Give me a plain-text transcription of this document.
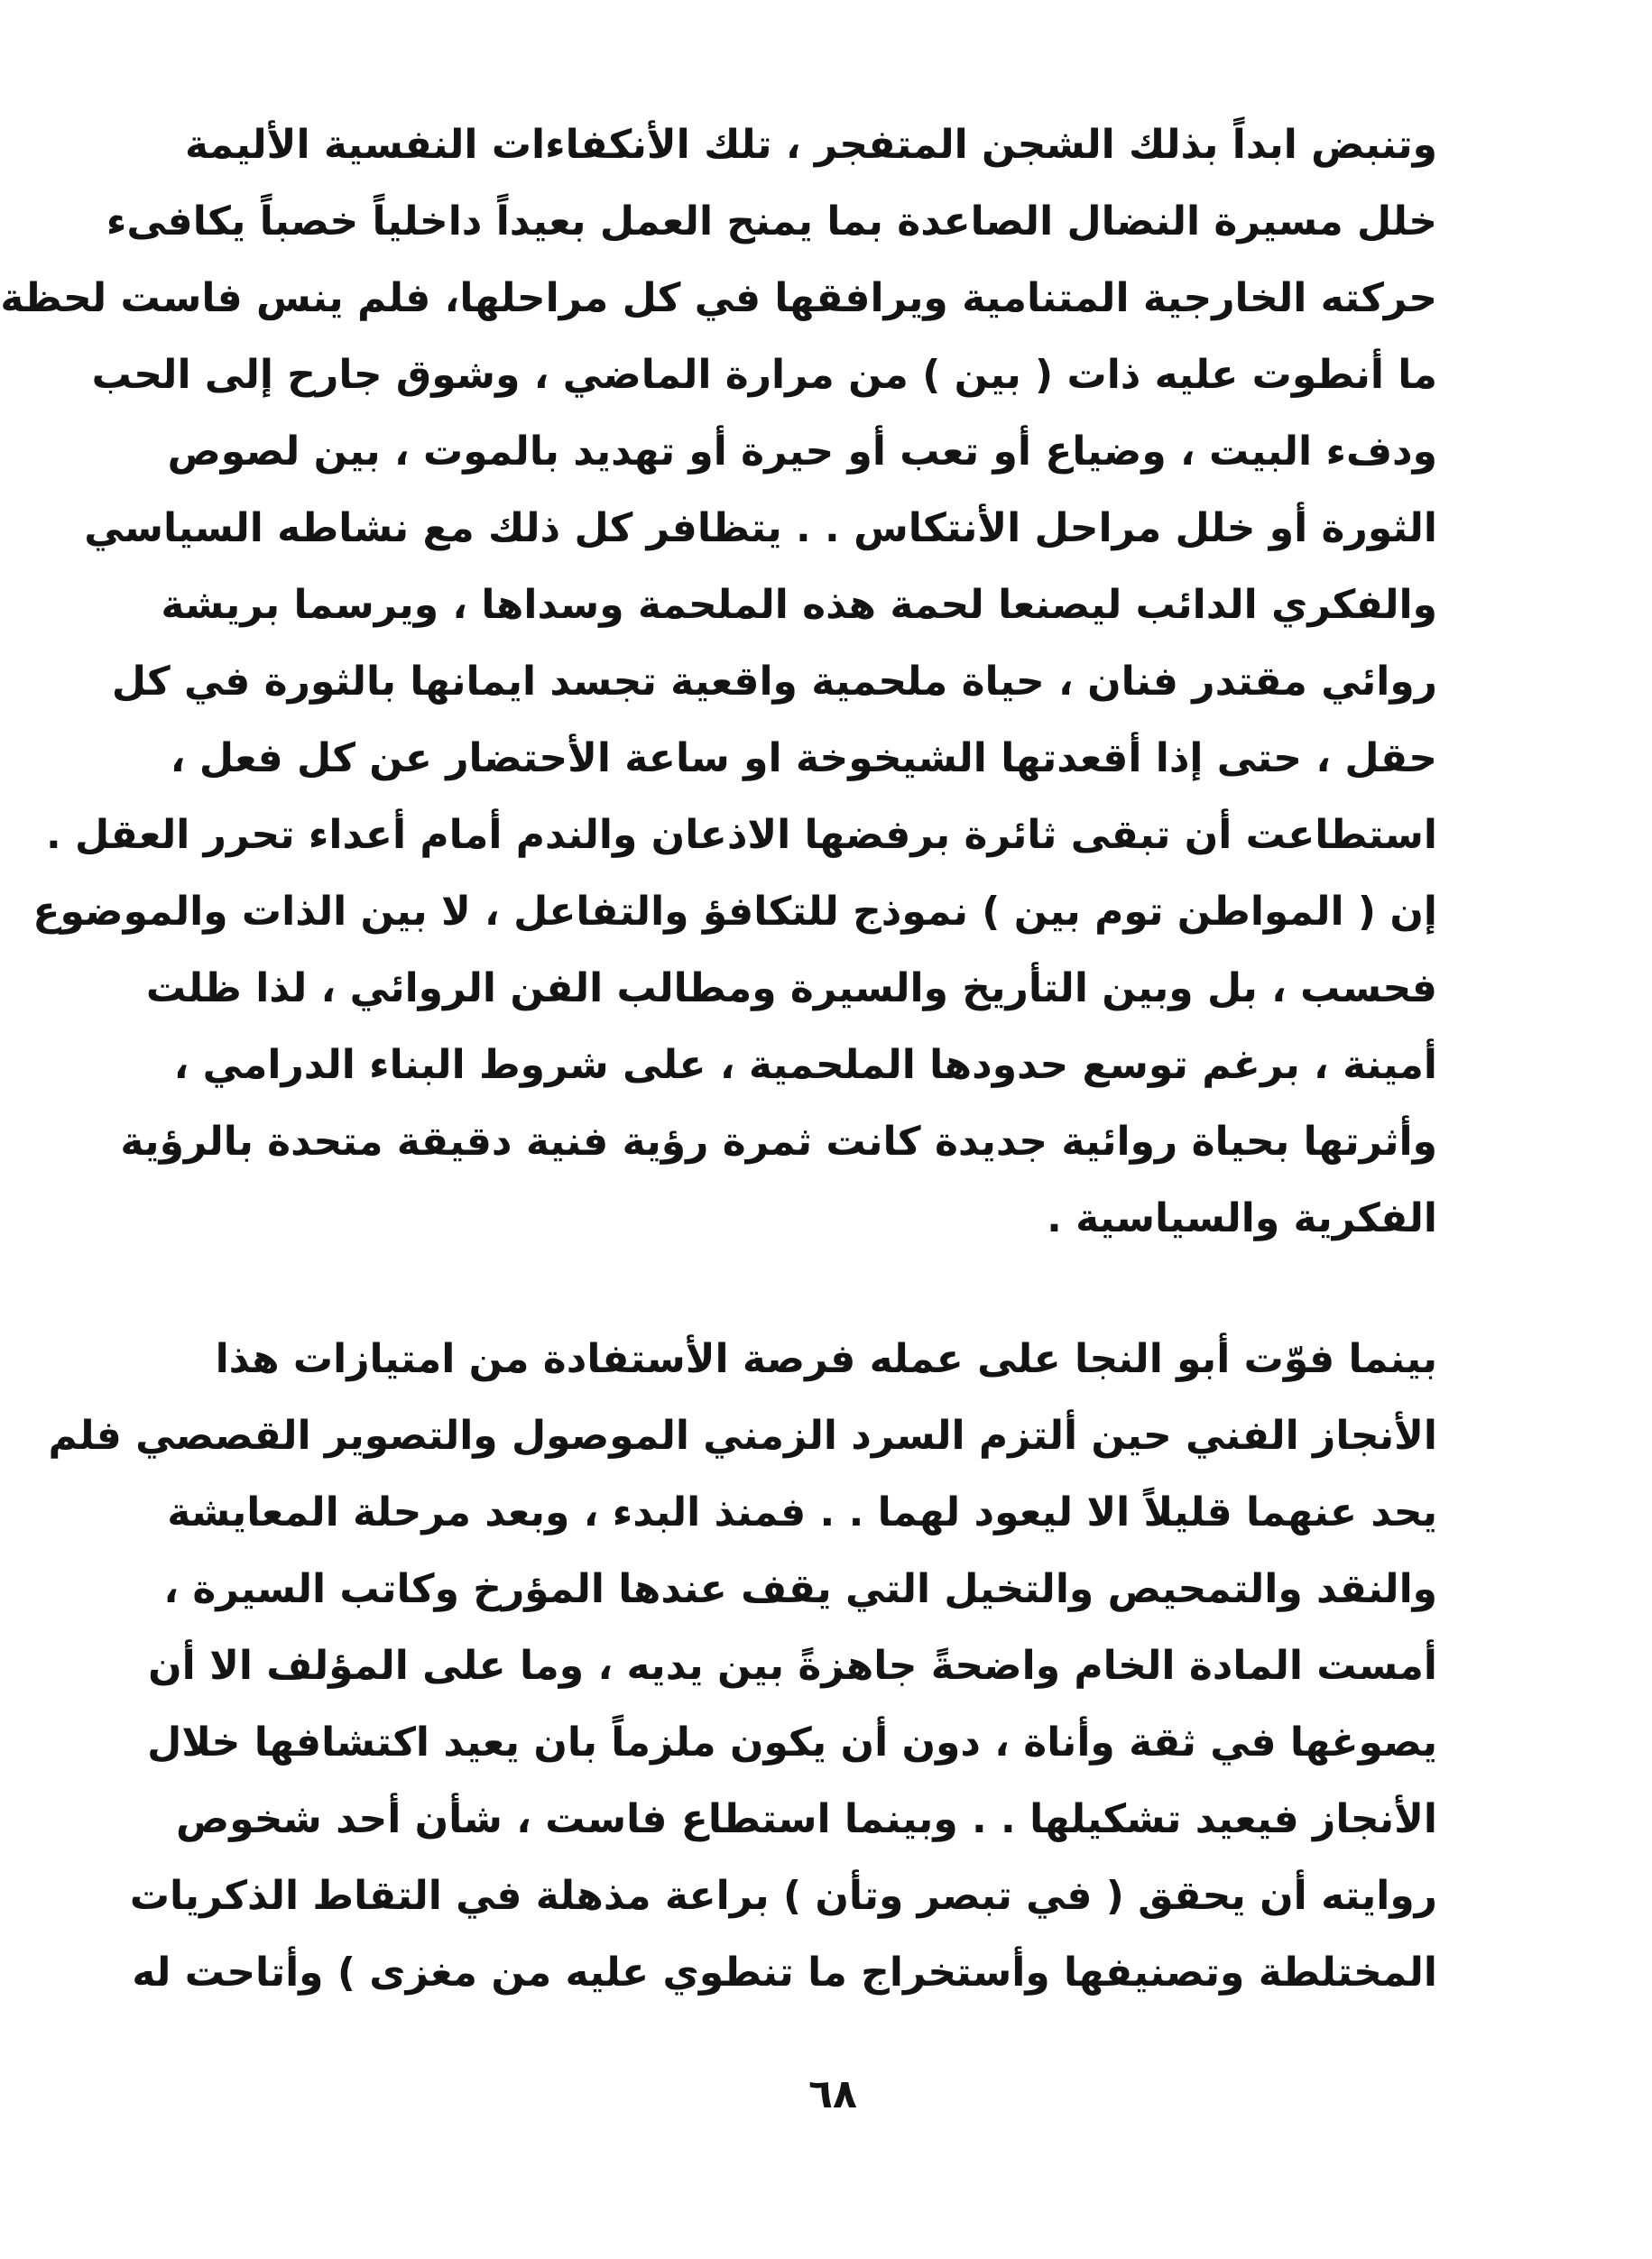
وتنبض ابداً بذلك الشجن المتفجر ، تلك الأنكفاءات النفسية الأليمة
خلل مسيرة النضال الصاعدة بما يمنح العمل بعيداً داخلياً خصباً يكافىء
حركته الخارجية المتنامية ويرافقها في كل مراحلها، فلم ينس فاست لحظة
ما أنطوت عليه ذات ( بين ) من مرارة الماضي ، وشوق جارح إلى الحب
ودفء البيت ، وضياع أو تعب أو حيرة أو تهديد بالموت ، بين لصوص
الثورة أو خلل مراحل الأنتكاس . . يتظافر كل ذلك مع نشاطه السياسي
والفكري الدائب ليصنعا لحمة هذه الملحمة وسداها ، ويرسما بريشة
روائي مقتدر فنان ، حياة ملحمية واقعية تجسد ايمانها بالثورة في كل
حقل ، حتى إذا أقعدتها الشيخوخة او ساعة الأحتضار عن كل فعل ،
استطاعت أن تبقى ثائرة برفضها الاذعان والندم أمام أعداء تحرر العقل .
إن ( المواطن توم بين ) نموذج للتكافؤ والتفاعل ، لا بين الذات والموضوع
فحسب ، بل وبين التأريخ والسيرة ومطالب الفن الروائي ، لذا ظلت
أمينة ، برغم توسع حدودها الملحمية ، على شروط البناء الدرامي ،
وأثرتها بحياة روائية جديدة كانت ثمرة رؤية فنية دقيقة متحدة بالرؤية
الفكرية والسياسية .
بينما فوّت أبو النجا على عمله فرصة الأستفادة من امتيازات هذا
الأنجاز الفني حين ألتزم السرد الزمني الموصول والتصوير القصصي فلم
يحد عنهما قليلاً الا ليعود لهما . . فمنذ البدء ، وبعد مرحلة المعايشة
والنقد والتمحيص والتخيل التي يقف عندها المؤرخ وكاتب السيرة ،
أمست المادة الخام واضحةً جاهزةً بين يديه ، وما على المؤلف الا أن
يصوغها في ثقة وأناة ، دون أن يكون ملزماً بان يعيد اكتشافها خلال
الأنجاز فيعيد تشكيلها . . وبينما استطاع فاست ، شأن أحد شخوص
روايته أن يحقق ( في تبصر وتأن ) براعة مذهلة في التقاط الذكريات
المختلطة وتصنيفها وأستخراج ما تنطوي عليه من مغزى ) وأتاحت له
٦٨
